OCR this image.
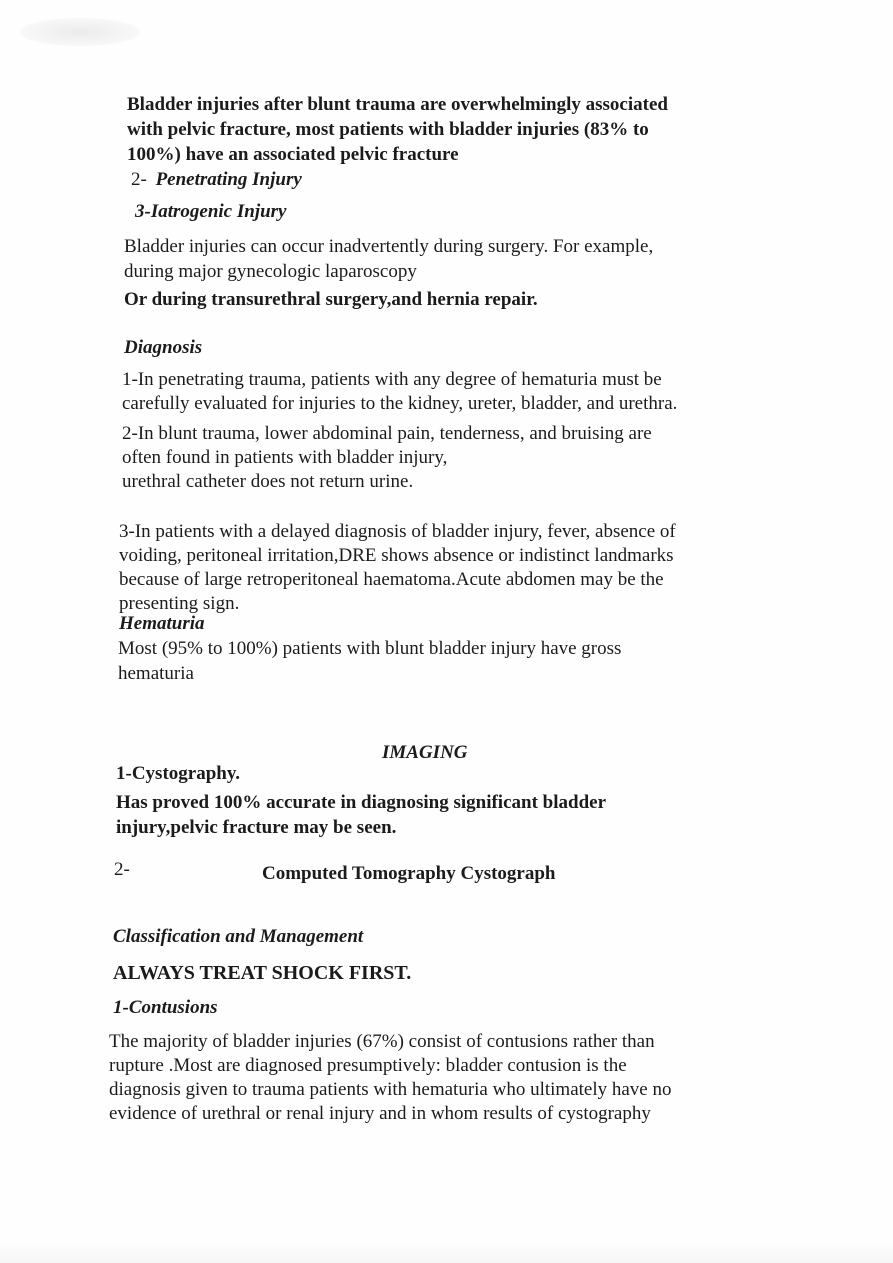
Bladder injuries after blunt trauma are overwhelmingly associated
with pelvic fracture, most patients with bladder injuries (83% to
100%) have an associated pelvic fracture
2- Penetrating Injury
3-Iatrogenic Injury
Bladder injuries can occur inadvertently during surgery. For example,
during major gynecologic laparoscopy
Or during transurethral surgery,and hernia repair.
Diagnosis
1-In penetrating trauma, patients with any degree of hematuria must be
carefully evaluated for injuries to the kidney, ureter, bladder, and urethra.
2-In blunt trauma, lower abdominal pain, tenderness, and bruising are
often found in patients with bladder injury,
urethral catheter does not return urine.
3-In patients with a delayed diagnosis of bladder injury, fever, absence of
voiding, peritoneal irritation,DRE shows absence or indistinct landmarks
because of large retroperitoneal haematoma.Acute abdomen may be the
presenting sign.
Hematuria
Most (95% to 100%) patients with blunt bladder injury have gross
hematuria
IMAGING
1-Cystography.
Has proved 100% accurate in diagnosing significant bladder
injury,pelvic fracture may be seen.
2-	Computed Tomography Cystograph
Classification and Management
ALWAYS TREAT SHOCK FIRST.
1-Contusions
The majority of bladder injuries (67%) consist of contusions rather than
rupture .Most are diagnosed presumptively: bladder contusion is the
diagnosis given to trauma patients with hematuria who ultimately have no
evidence of urethral or renal injury and in whom results of cystography
